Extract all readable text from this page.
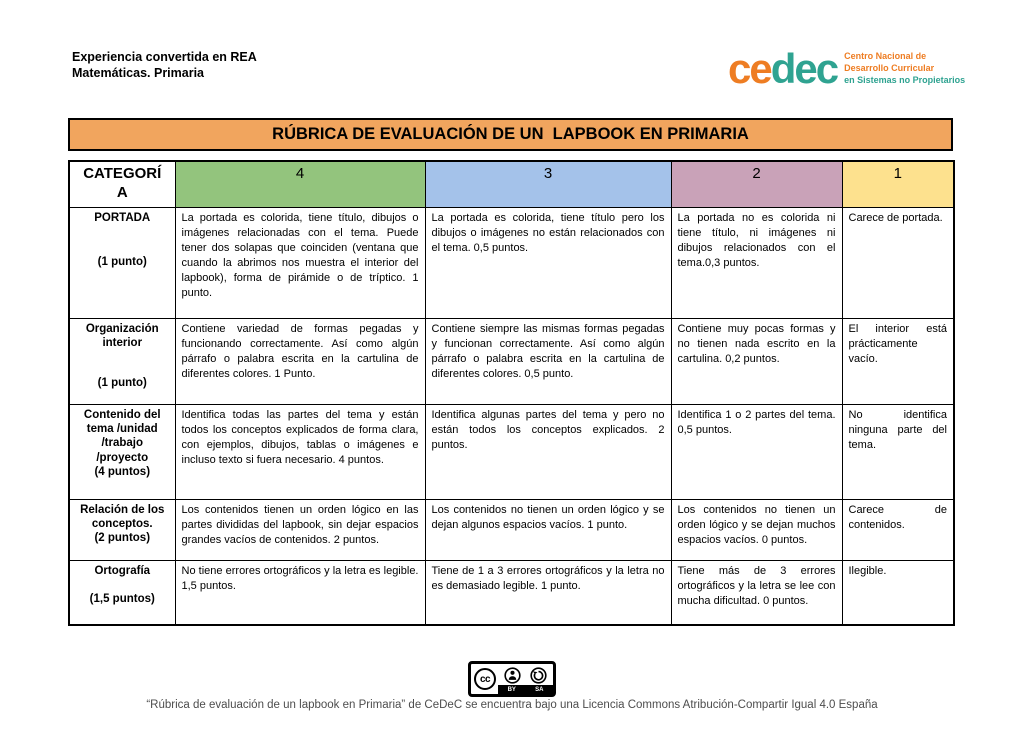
Experiencia convertida en REA
Matemáticas. Primaria	cedec Centro Nacional de
Desarrollo Curricular
en Sistemas no Propietarios
RÚBRICA DE EVALUACIÓN DE UN  LAPBOOK EN PRIMARIA
CATEGORÍA	4	3	2	1

PORTADA
(1 punto)	La portada es colorida, tiene título, dibujos o imágenes relacionadas con el tema. Puede tener dos solapas que coinciden (ventana que cuando la abrimos nos muestra el interior del lapbook), forma de pirámide o de tríptico. 1 punto.	La portada es colorida, tiene título pero los dibujos o imágenes no están relacionados con el tema. 0,5 puntos.	La portada no es colorida ni tiene título, ni imágenes ni dibujos relacionados con el tema.0,3 puntos.	Carece de portada.

Organización interior
(1 punto)	Contiene variedad de formas pegadas y funcionando correctamente. Así como algún párrafo o palabra escrita en la cartulina de diferentes colores. 1 Punto.	Contiene siempre las mismas formas pegadas y funcionan correctamente. Así como algún párrafo o palabra escrita en la cartulina de diferentes colores. 0,5 punto.	Contiene muy pocas formas y no tienen nada escrito en la cartulina. 0,2 puntos.	El interior está prácticamente vacío.

Contenido del tema /unidad /trabajo /proyecto
(4 puntos)	Identifica todas las partes del tema y están todos los conceptos explicados de forma clara, con ejemplos, dibujos, tablas o imágenes e incluso texto si fuera necesario. 4 puntos.	Identifica algunas partes del tema y pero no están todos los conceptos explicados. 2 puntos.	Identifica 1 o 2 partes del tema. 0,5 puntos.	No identifica ninguna parte del tema.

Relación de los conceptos.
(2 puntos)	Los contenidos tienen un orden lógico en las partes divididas del lapbook, sin dejar espacios grandes vacíos de contenidos. 2 puntos.	Los contenidos no tienen un orden lógico y se dejan algunos espacios vacíos. 1 punto.	Los contenidos no tienen un orden lógico y se dejan muchos espacios vacíos. 0 puntos.	Carece de contenidos.

Ortografía
(1,5 puntos)	No tiene errores ortográficos y la letra es legible. 1,5 puntos.	Tiene de 1 a 3 errores ortográficos y la letra no es demasiado legible. 1 punto.	Tiene más de 3 errores ortográficos y la letra se lee con mucha dificultad. 0 puntos.	Ilegible.
cc
BY	SA
“Rúbrica de evaluación de un lapbook en Primaria” de CeDeC se encuentra bajo una Licencia Commons Atribución-Compartir Igual 4.0 España
